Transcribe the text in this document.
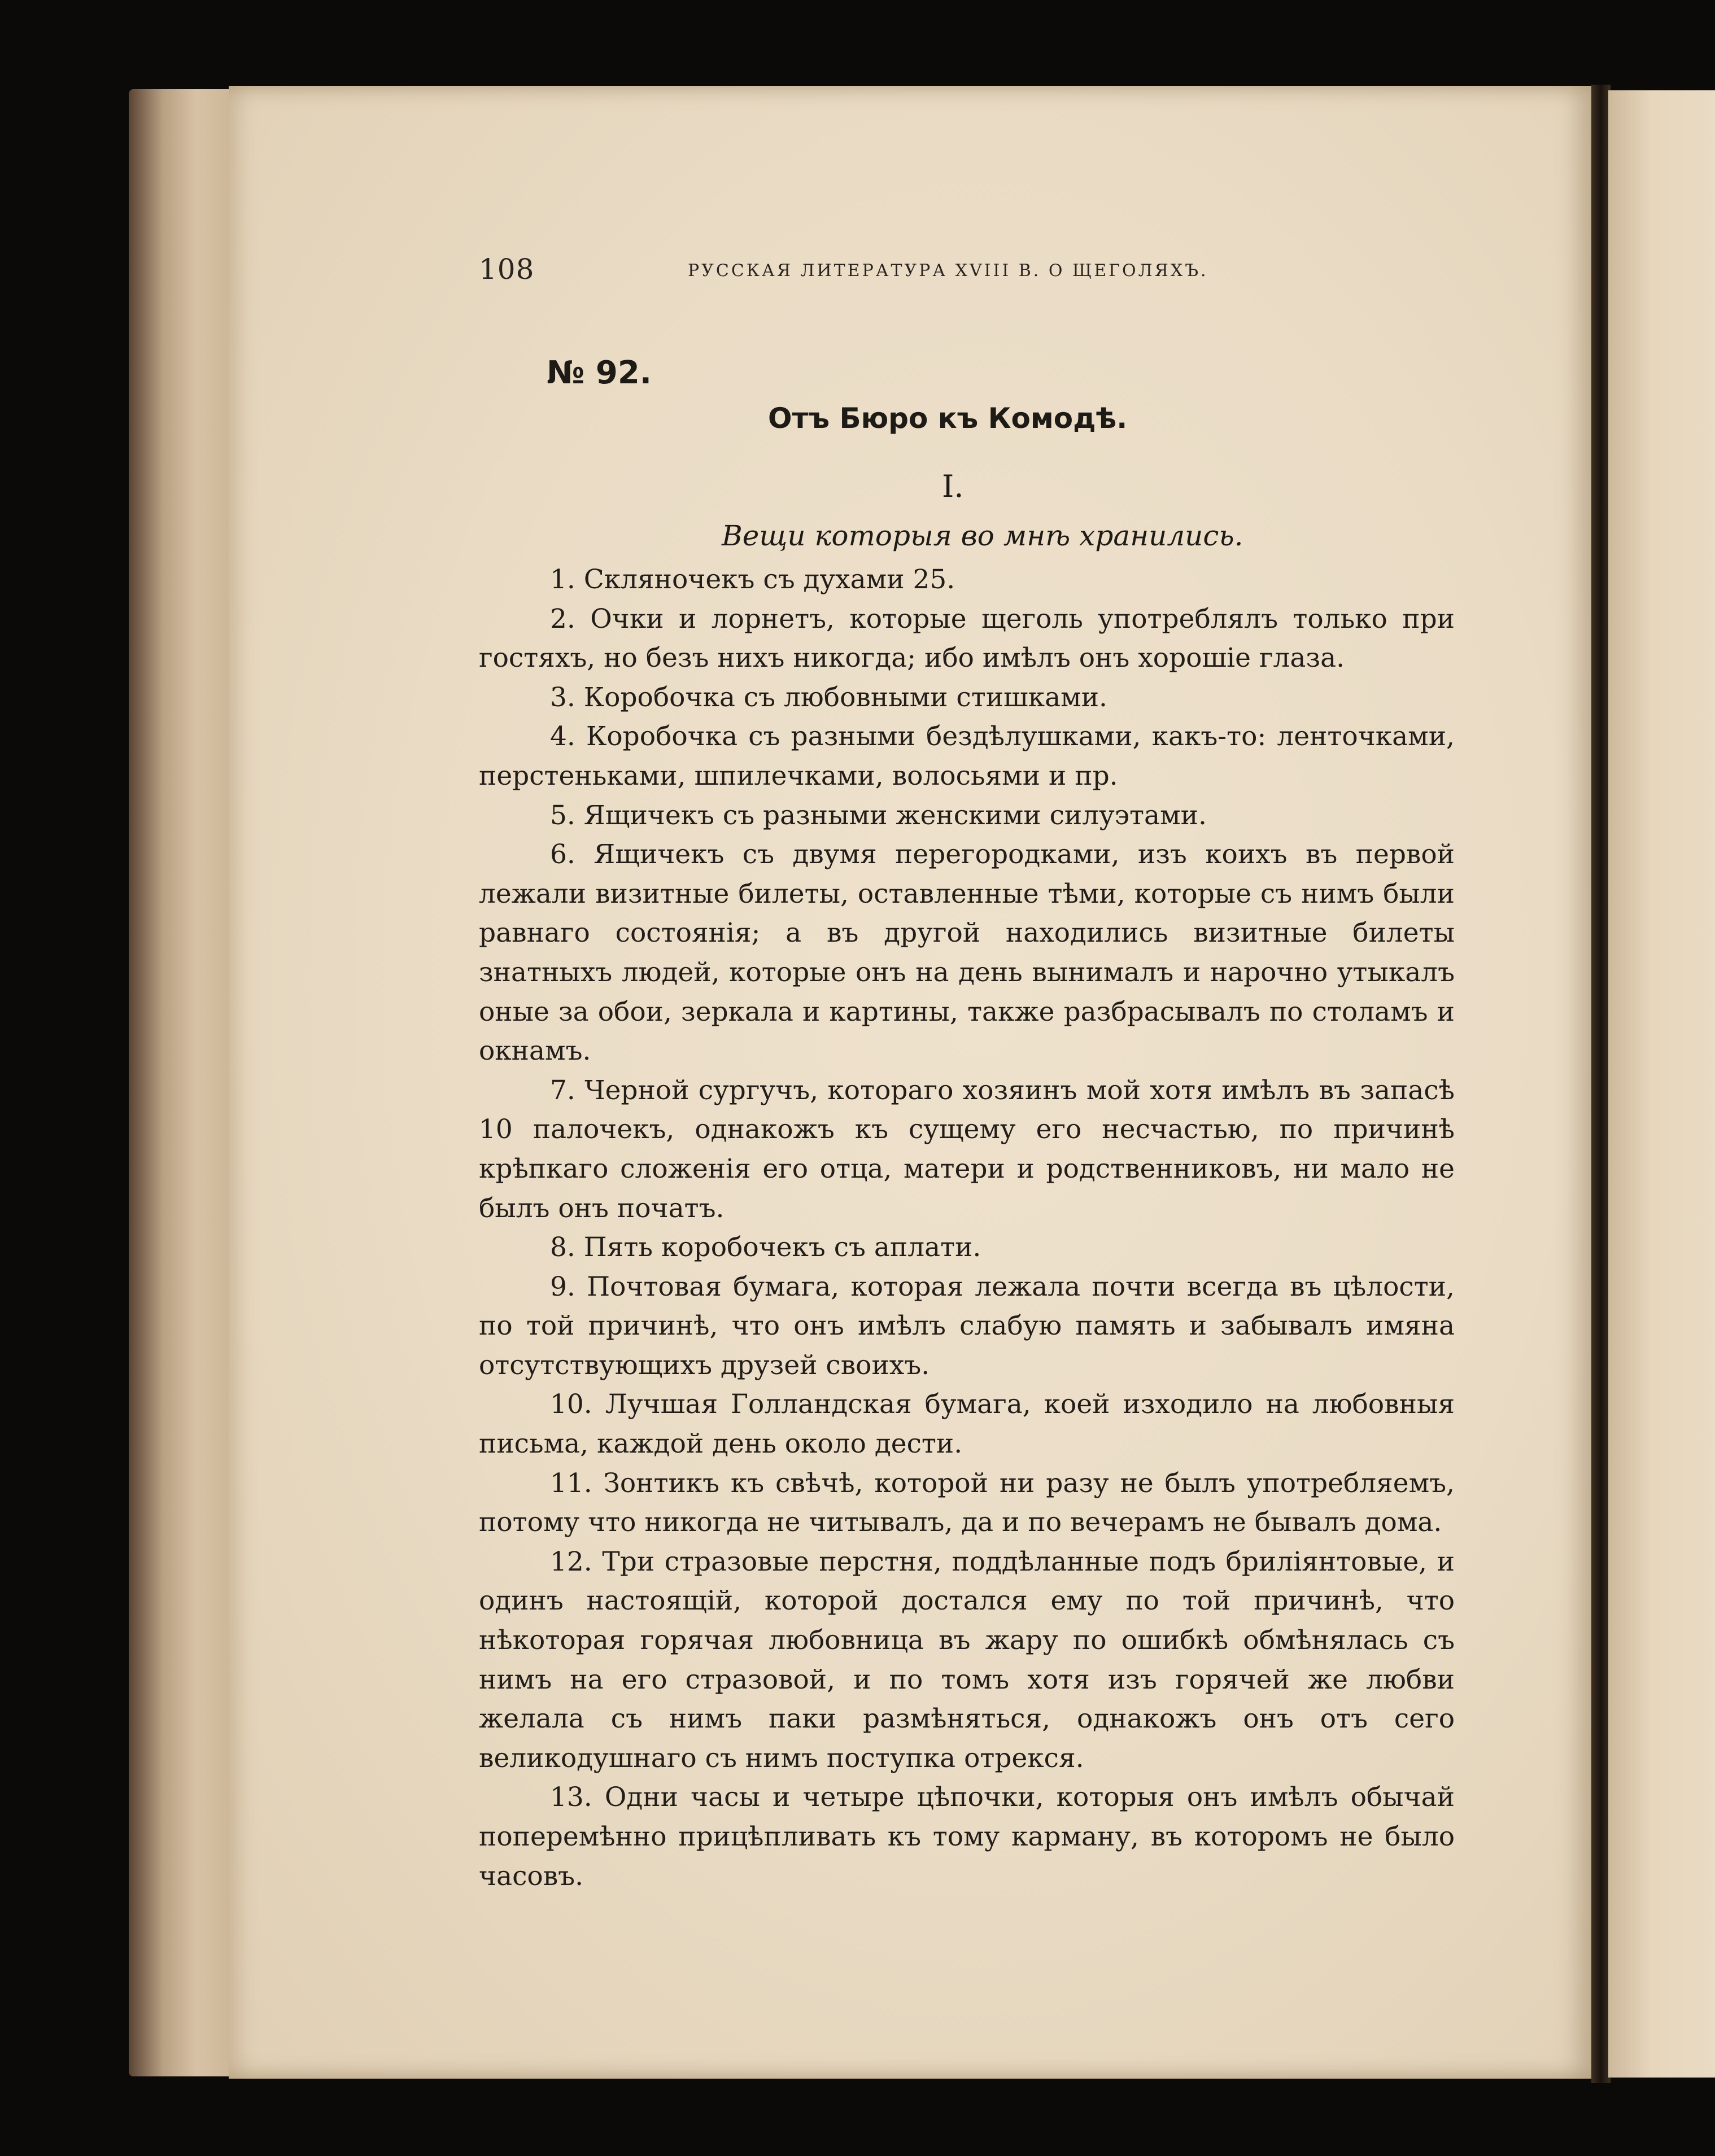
108	РУССКАЯ ЛИТЕРАТУРА XVIII В. О ЩЕГОЛЯХЪ.
№ 92.
Отъ Бюро къ Комодѣ.
I.
Вещи которыя во мнѣ хранились.

1. Скляночекъ съ духами 25.

2. Очки и лорнетъ, которые щеголь употреблялъ только при гостяхъ, но безъ нихъ никогда; ибо имѣлъ онъ хорошіе глаза.

3. Коробочка съ любовными стишками.

4. Коробочка съ разными бездѣлушками, какъ-то: ленточками, перстеньками, шпилечками, волосьями и пр.

5. Ящичекъ съ разными женскими силуэтами.

6. Ящичекъ съ двумя перегородками, изъ коихъ въ первой лежали визитные билеты, оставленные тѣми, которые съ нимъ были равнаго состоянія; а въ другой находились визитные билеты знатныхъ людей, которые онъ на день вынималъ и нарочно утыкалъ оные за обои, зеркала и картины, также разбрасывалъ по столамъ и окнамъ.

7. Черной сургучъ, котораго хозяинъ мой хотя имѣлъ въ запасѣ 10 палочекъ, однакожъ къ сущему его несчастью, по причинѣ крѣпкаго сложенія его отца, матери и родственниковъ, ни мало не былъ онъ початъ.

8. Пять коробочекъ съ аплати.

9. Почтовая бумага, которая лежала почти всегда въ цѣлости, по той причинѣ, что онъ имѣлъ слабую память и забывалъ имяна отсутствующихъ друзей своихъ.

10. Лучшая Голландская бумага, коей изходило на любовныя письма, каждой день около дести.

11. Зонтикъ къ свѣчѣ, которой ни разу не былъ употребляемъ, потому что никогда не читывалъ, да и по вечерамъ не бывалъ дома.

12. Три стразовые перстня, поддѣланные подъ бриліянтовые, и одинъ настоящій, которой достался ему по той причинѣ, что нѣкоторая горячая любовница въ жару по ошибкѣ обмѣнялась съ нимъ на его стразовой, и по томъ хотя изъ горячей же любви желала съ нимъ паки размѣняться, однакожъ онъ отъ сего великодушнаго съ нимъ поступка отрекся.

13. Одни часы и четыре цѣпочки, которыя онъ имѣлъ обычай поперемѣнно прицѣпливать къ тому карману, въ которомъ не было часовъ.
